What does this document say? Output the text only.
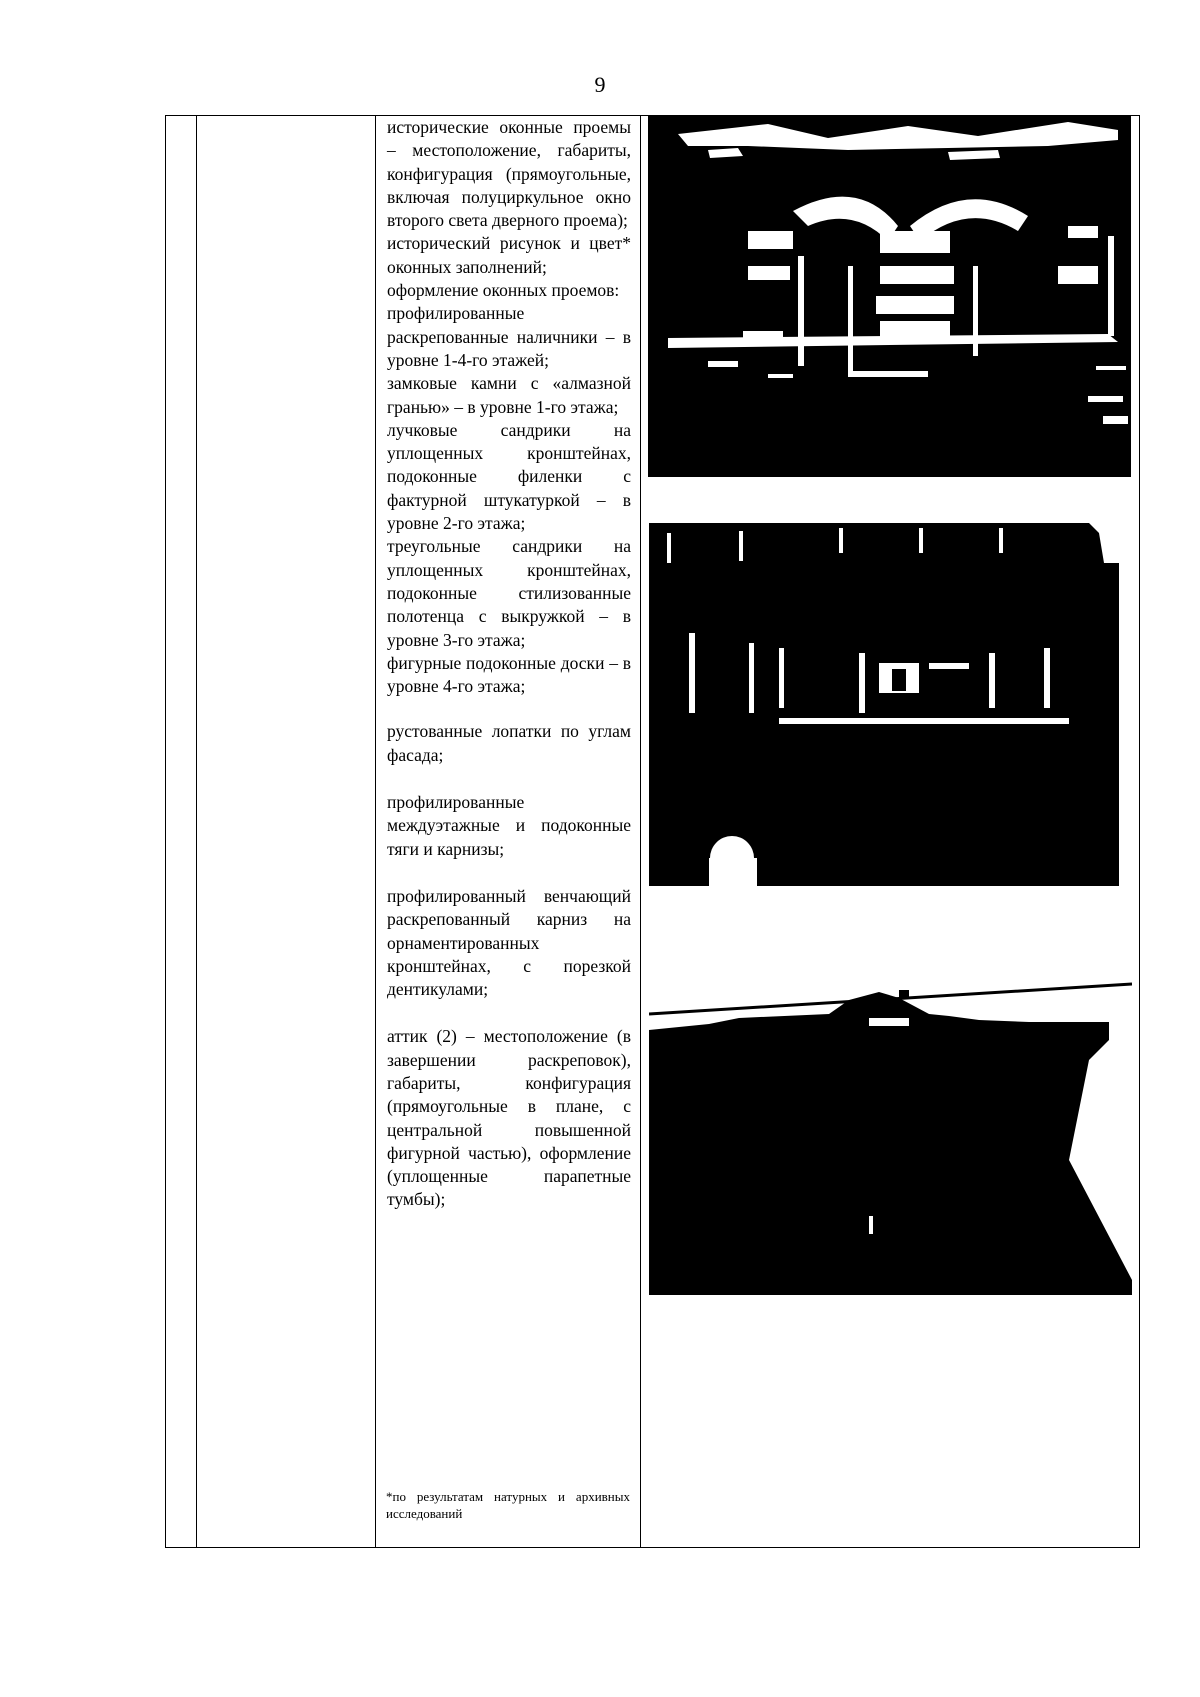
9

исторические оконные проемы – местоположение, габариты, конфигурация (прямоугольные, включая полуциркульное окно второго света дверного проема);

исторический рисунок и цвет* оконных заполнений;

оформление оконных проемов:

профилированные раскрепованные наличники – в уровне 1-4-го этажей;

замковые камни с «алмазной гранью» – в уровне 1-го этажа;

лучковые сандрики на уплощенных кронштейнах, подоконные филенки с фактурной штукатуркой – в уровне 2-го этажа;

треугольные сандрики на уплощенных кронштейнах, подоконные стилизованные полотенца с выкружкой – в уровне 3-го этажа;

фигурные подоконные доски – в уровне 4-го этажа;

рустованные лопатки по углам фасада;

профилированные междуэтажные и подоконные тяги и карнизы;

профилированный венчающий раскрепованный карниз на орнаментированных кронштейнах, с порезкой дентикулами;

аттик (2) – местоположение (в завершении раскреповок), габариты, конфигурация (прямоугольные в плане, с центральной повышенной фигурной частью), оформление (уплощенные парапетные тумбы);

*по результатам натурных и архивных исследований
